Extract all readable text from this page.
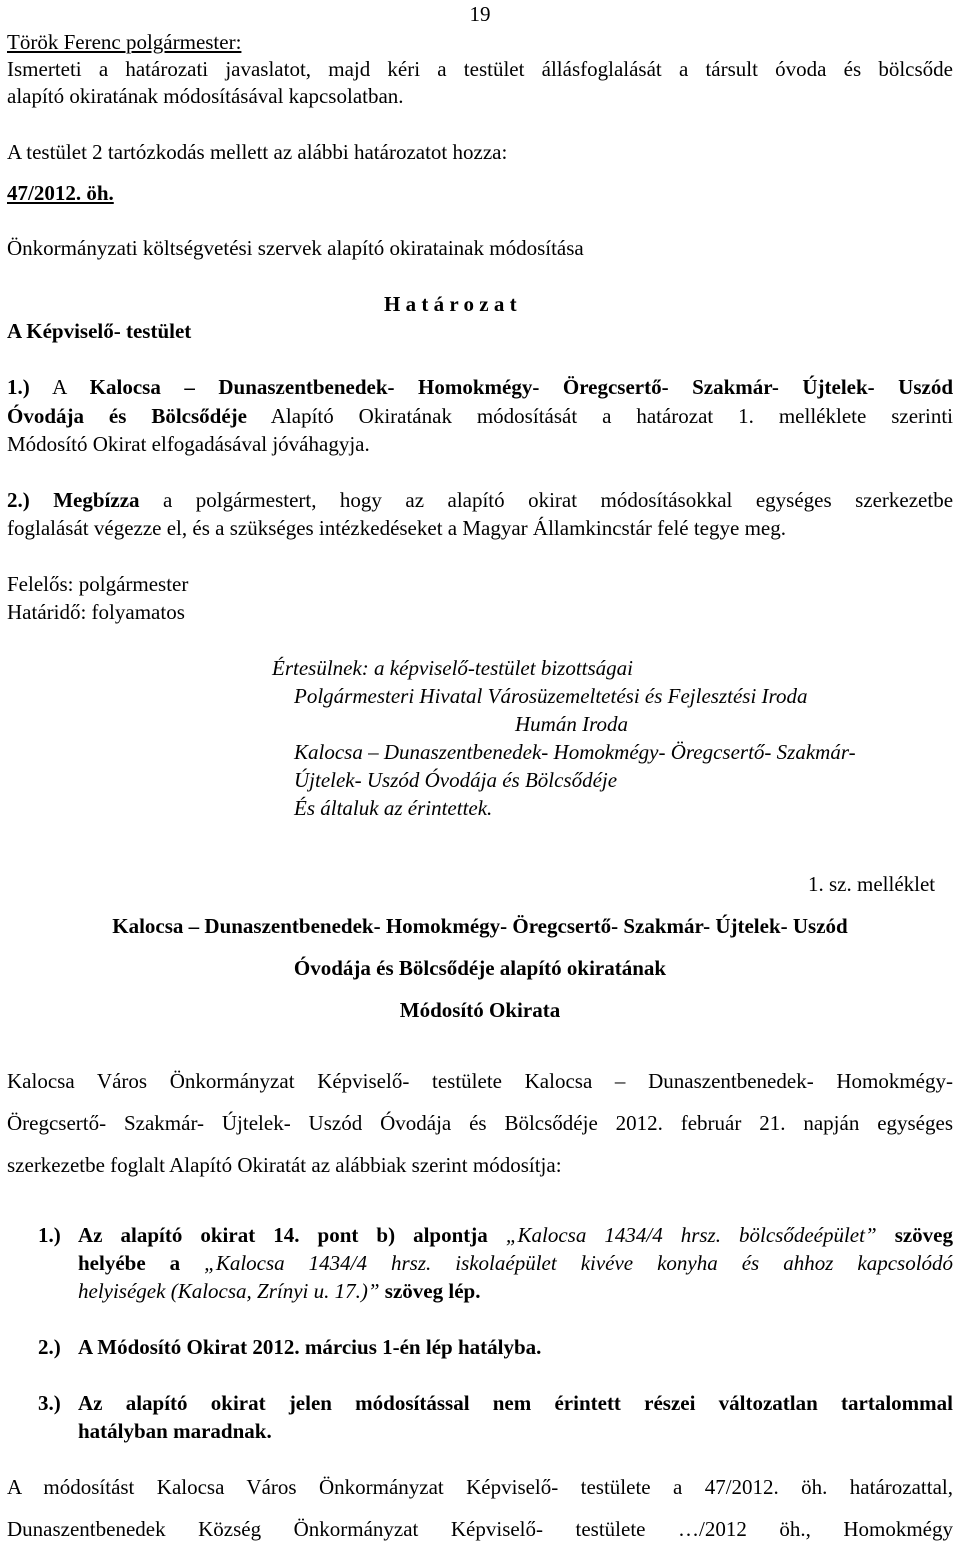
19
Török Ferenc polgármester:
Ismerteti a határozati javaslatot, majd kéri a testület állásfoglalását a társult óvoda és bölcsőde
alapító okiratának módosításával kapcsolatban.
A testület 2 tartózkodás mellett az alábbi határozatot hozza:
47/2012. öh.
Önkormányzati költségvetési szervek alapító okiratainak módosítása
H a t á r o z a t
A Képviselő- testület
1.) A Kalocsa – Dunaszentbenedek- Homokmégy- Öregcsertő- Szakmár- Újtelek- Uszód
Óvodája és Bölcsődéje Alapító Okiratának módosítását a határozat 1. melléklete szerinti
Módosító Okirat elfogadásával jóváhagyja.
2.) Megbízza a polgármestert, hogy az alapító okirat módosításokkal egységes szerkezetbe
foglalását végezze el, és a szükséges intézkedéseket a Magyar Államkincstár felé tegye meg.
Felelős: polgármester
Határidő: folyamatos
Értesülnek: a képviselő-testület bizottságai
Polgármesteri Hivatal Városüzemeltetési és Fejlesztési Iroda
Humán Iroda
Kalocsa – Dunaszentbenedek- Homokmégy- Öregcsertő- Szakmár-
Újtelek- Uszód Óvodája és Bölcsődéje
És általuk az érintettek.
1. sz. melléklet
Kalocsa – Dunaszentbenedek- Homokmégy- Öregcsertő- Szakmár- Újtelek- Uszód
Óvodája és Bölcsődéje alapító okiratának
Módosító Okirata
Kalocsa Város Önkormányzat Képviselő- testülete Kalocsa – Dunaszentbenedek- Homokmégy-
Öregcsertő- Szakmár- Újtelek- Uszód Óvodája és Bölcsődéje 2012. február 21. napján egységes
szerkezetbe foglalt Alapító Okiratát az alábbiak szerint módosítja:
1.) Az alapító okirat 14. pont b) alpontja „Kalocsa 1434/4 hrsz. bölcsődeépület” szöveg
helyébe a „Kalocsa 1434/4 hrsz. iskolaépület kivéve konyha és ahhoz kapcsolódó
helyiségek (Kalocsa, Zrínyi u. 17.)” szöveg lép.
2.) A Módosító Okirat 2012. március 1-én lép hatályba.
3.) Az alapító okirat jelen módosítással nem érintett részei változatlan tartalommal
hatályban maradnak.
A módosítást Kalocsa Város Önkormányzat Képviselő- testülete a 47/2012. öh. határozattal,
Dunaszentbenedek Község Önkormányzat Képviselő- testülete …/2012 öh., Homokmégy
